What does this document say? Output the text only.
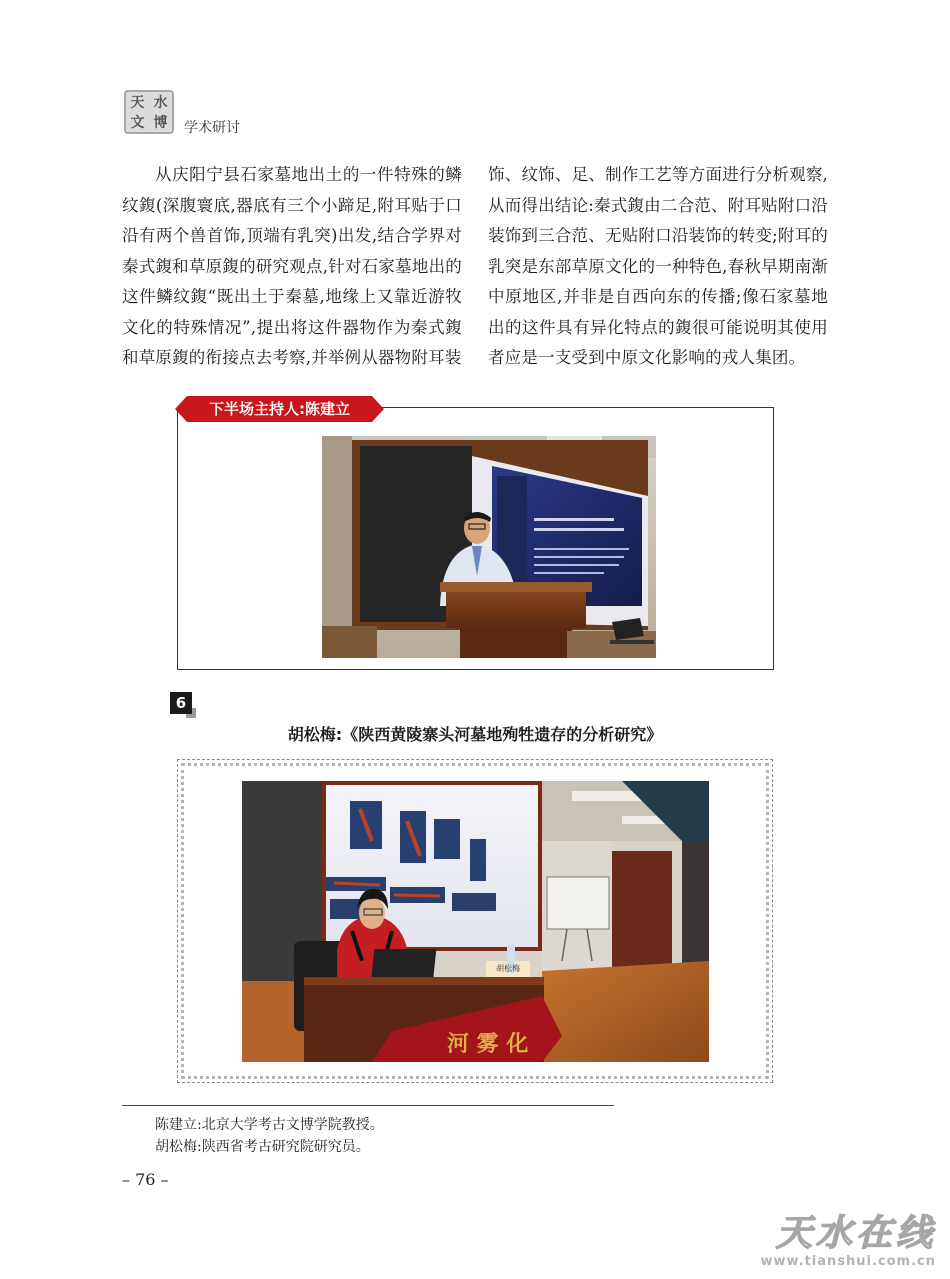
天 水
文 博 学术研讨

从庆阳宁县石家墓地出土的一件特殊的鳞纹鍑(深腹寰底,器底有三个小蹄足,附耳贴于口沿有两个兽首饰,顶端有乳突)出发,结合学界对秦式鍑和草原鍑的研究观点,针对石家墓地出的这件鳞纹鍑“既出土于秦墓,地缘上又靠近游牧文化的特殊情况”,提出将这件器物作为秦式鍑和草原鍑的衔接点去考察,并举例从器物附耳装

饰、纹饰、足、制作工艺等方面进行分析观察,从而得出结论:秦式鍑由二合范、附耳贴附口沿装饰到三合范、无贴附口沿装饰的转变;附耳的乳突是东部草原文化的一种特色,春秋早期南渐中原地区,并非是自西向东的传播;像石家墓地出的这件具有异化特点的鍑很可能说明其使用者应是一支受到中原文化影响的戎人集团。

下半场主持人:陈建立
6
胡松梅:《陕西黄陵寨头河墓地殉牲遗存的分析研究》
河 雾 化
胡松梅
陈建立:北京大学考古文博学院教授。
胡松梅:陕西省考古研究院研究员。
– 76 –
天水在线
www.tianshui.com.cn
